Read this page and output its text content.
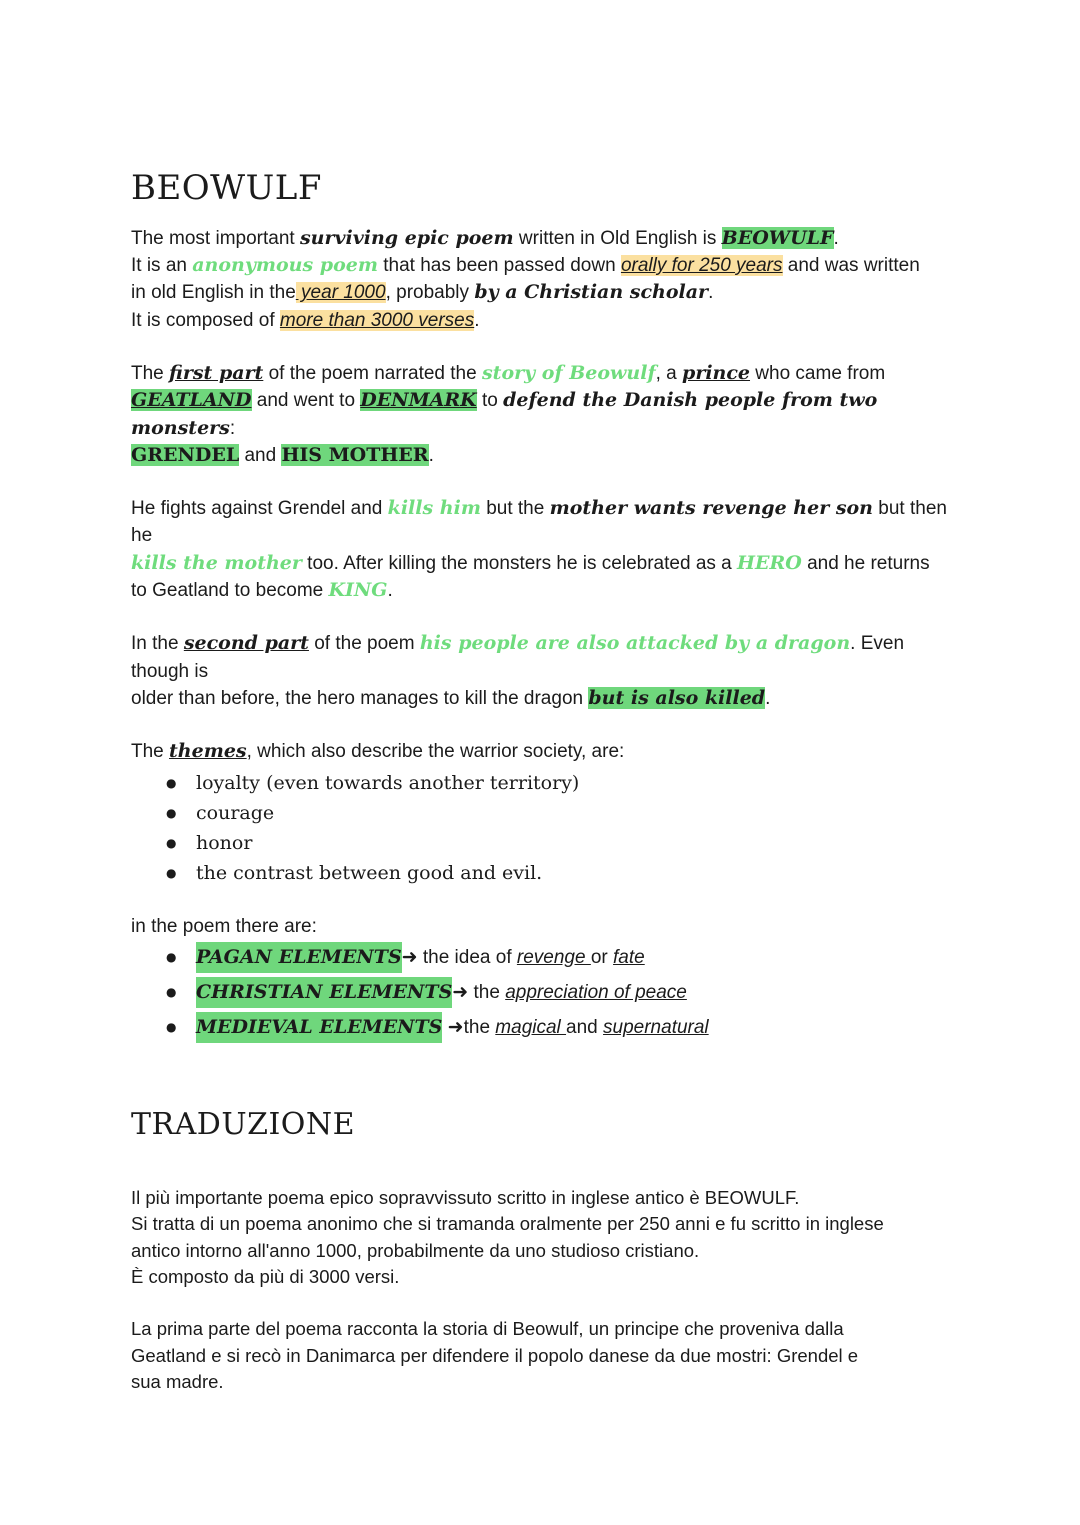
BEOWULF

The most important surviving epic poem written in Old English is BEOWULF.
It is an anonymous poem that has been passed down orally for 250 years and was written
in old English in the year 1000, probably by a Christian scholar.
It is composed of more than 3000 verses.

The first part of the poem narrated the story of Beowulf, a prince who came from
GEATLAND and went to DENMARK to defend the Danish people from two monsters:
GRENDEL and HIS MOTHER.

He fights against Grendel and kills him but the mother wants revenge her son but then he
kills the mother too. After killing the monsters he is celebrated as a HERO and he returns
to Geatland to become KING.

In the second part of the poem his people are also attacked by a dragon. Even though is
older than before, the hero manages to kill the dragon but is also killed.

The themes, which also describe the warrior society, are:

● loyalty (even towards another territory)
● courage
● honor
● the contrast between good and evil.

in the poem there are:

● PAGAN ELEMENTS➜ the idea of revenge or fate
● CHRISTIAN ELEMENTS➜ the appreciation of peace
● MEDIEVAL ELEMENTS ➜the magical and supernatural
TRADUZIONE

Il più importante poema epico sopravvissuto scritto in inglese antico è BEOWULF.
Si tratta di un poema anonimo che si tramanda oralmente per 250 anni e fu scritto in inglese
antico intorno all'anno 1000, probabilmente da uno studioso cristiano.
È composto da più di 3000 versi.

La prima parte del poema racconta la storia di Beowulf, un principe che proveniva dalla
Geatland e si recò in Danimarca per difendere il popolo danese da due mostri: Grendel e
sua madre.
